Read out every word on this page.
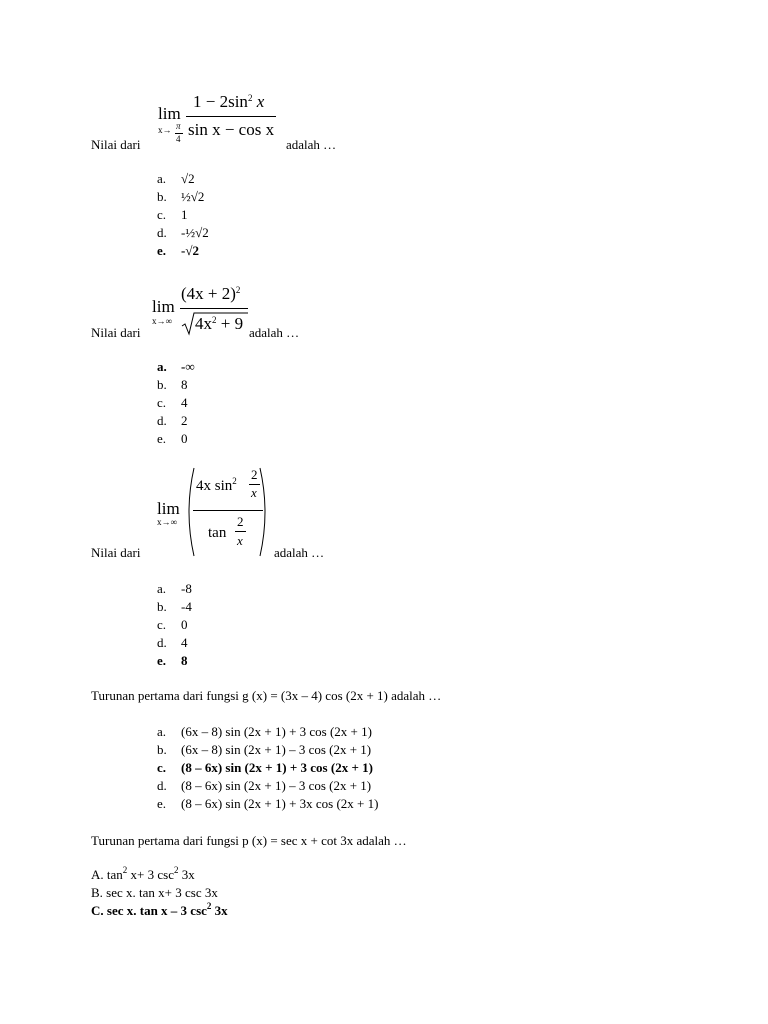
lim
x→ π
4
$1 - 2\sin^2$ x
sin x − cos x
Nilai dari	adalah …
a. √2
b. ½√2
c. 1
d. -½√2
e. -√2
lim
x→∞
$(4x + 2)^2$
$4x^2 + 9$
Nilai dari	adalah …
a. -∞
b. 8
c. 4
d. 2
e. 0
lim
x→∞
4x $\sin^2 2$
x
tan
2
x
Nilai dari	adalah …
a. -8
b. -4
c. 0
d. 4
e. 8
Turunan pertama dari fungsi g (x) = (3x – 4) cos (2x + 1) adalah …
a. (6x – 8) sin (2x + 1) + 3 cos (2x + 1)
b. (6x – 8) sin (2x + 1) – 3 cos (2x + 1)
c. (8 – 6x) sin (2x + 1) + 3 cos (2x + 1)
d. (8 – 6x) sin (2x + 1) – 3 cos (2x + 1)
e. (8 – 6x) sin (2x + 1) + 3x cos (2x + 1)
Turunan pertama dari fungsi p (x) = sec x + cot 3x adalah …
A. $\tan^2 x+ 3$ $\csc^2 3x$
B. sec x. tan x+ 3 csc 3x
C. sec x. tan x – 3 $\csc^2 3x$
